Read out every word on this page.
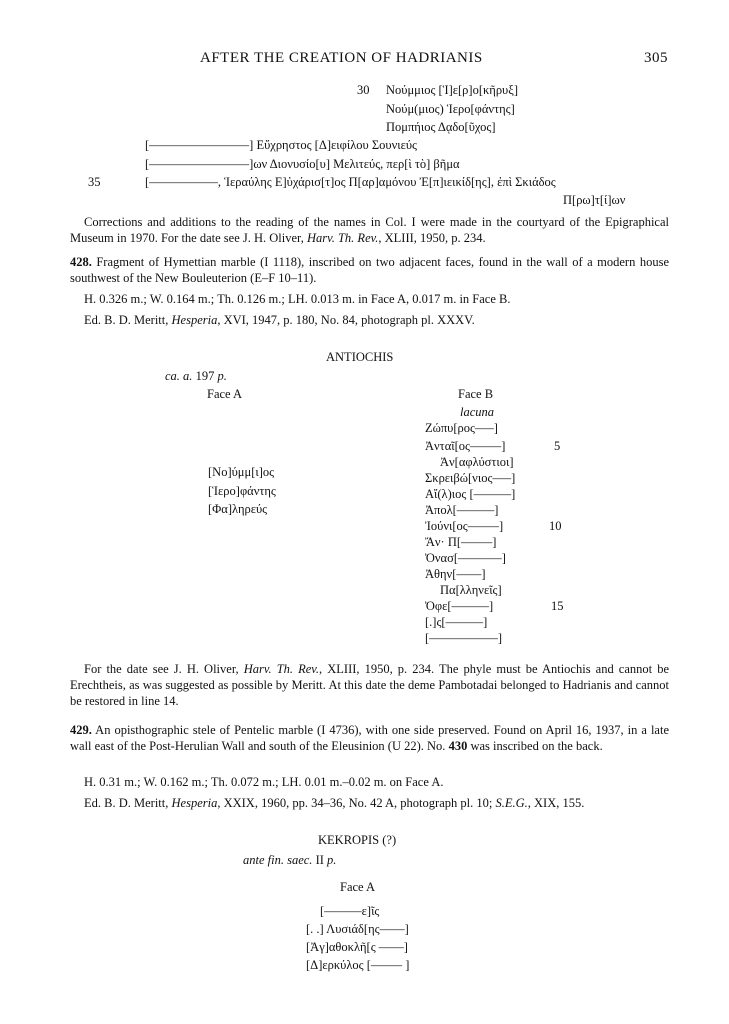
AFTER THE CREATION OF HADRIANIS	305
30 Νούμμιος [Ἱ]ε[ρ]ο[κῆρυξ]
Νούμ(μιος) Ἱερο[φάντης]
Πομπήιος Δᾳδο[ῦχος]
[––––––––––––––––] Εὔχρηστος [Δ]ειφίλου Σουνιεύς
[––––––––––––––––]ων Διονυσίο[υ] Μελιτεύς, περ[ὶ τὸ] βῆμα
35	[–––––––––––, Ἱεραύλης Ε]ὐχάρισ[τ]ος Π[αρ]αμόνου Ἐ[π]ιεικίδ[ης], ἐπὶ Σκιάδος
Π[ρω]τ[ί]ων
Corrections and additions to the reading of the names in Col. I were made in the courtyard of the Epigraphical Museum in 1970. For the date see J. H. Oliver, Harv. Th. Rev., XLIII, 1950, p. 234.
428. Fragment of Hymettian marble (I 1118), inscribed on two adjacent faces, found in the wall of a modern house southwest of the New Bouleuterion (E–F 10–11).
H. 0.326 m.; W. 0.164 m.; Th. 0.126 m.; LH. 0.013 m. in Face A, 0.017 m. in Face B.
Ed. B. D. Meritt, Hesperia, XVI, 1947, p. 180, No. 84, photograph pl. XXXV.
ANTIOCHIS
ca. a. 197 p.
Face A	Face B
[Νο]ύμμ[ι]ος
[Ἱερο]φάντης
[Φα]ληρεύς
lacuna
Ζώπυ[ρος–––]
Ἀνταῖ[ος–––––]	5
Ἀν[αφλύστιοι]
Σκρειβώ[νιος–––]
Αἴ(λ)ιος [––––––]
Ἀπολ[––––––]
Ἰούνι[ος–––––]	10
Ἄν· Π[–––––]
Ὀνασ[–––––––]
Ἀθην[––––]
Πα[λληνεῖς]
Ὀφε[––––––]	15
[.]ς[––––––]
[–––––––––––]
For the date see J. H. Oliver, Harv. Th. Rev., XLIII, 1950, p. 234. The phyle must be Antiochis and cannot be Erechtheis, as was suggested as possible by Meritt. At this date the deme Pambotadai belonged to Hadrianis and cannot be restored in line 14.
429. An opisthographic stele of Pentelic marble (I 4736), with one side preserved. Found on April 16, 1937, in a late wall east of the Post-Herulian Wall and south of the Eleusinion (U 22). No. 430 was inscribed on the back.
H. 0.31 m.; W. 0.162 m.; Th. 0.072 m.; LH. 0.01 m.–0.02 m. on Face A.
Ed. B. D. Meritt, Hesperia, XXIX, 1960, pp. 34–36, No. 42 A, photograph pl. 10; S.E.G., XIX, 155.
KEKROPIS (?)
ante fin. saec. II p.
Face A
[––––––ε]ῖς
[. .] Λυσιάδ[ης––––]
[Ἀγ]αθοκλῆ[ς ––––]
[Δ]ερκύλος [––––– ]
